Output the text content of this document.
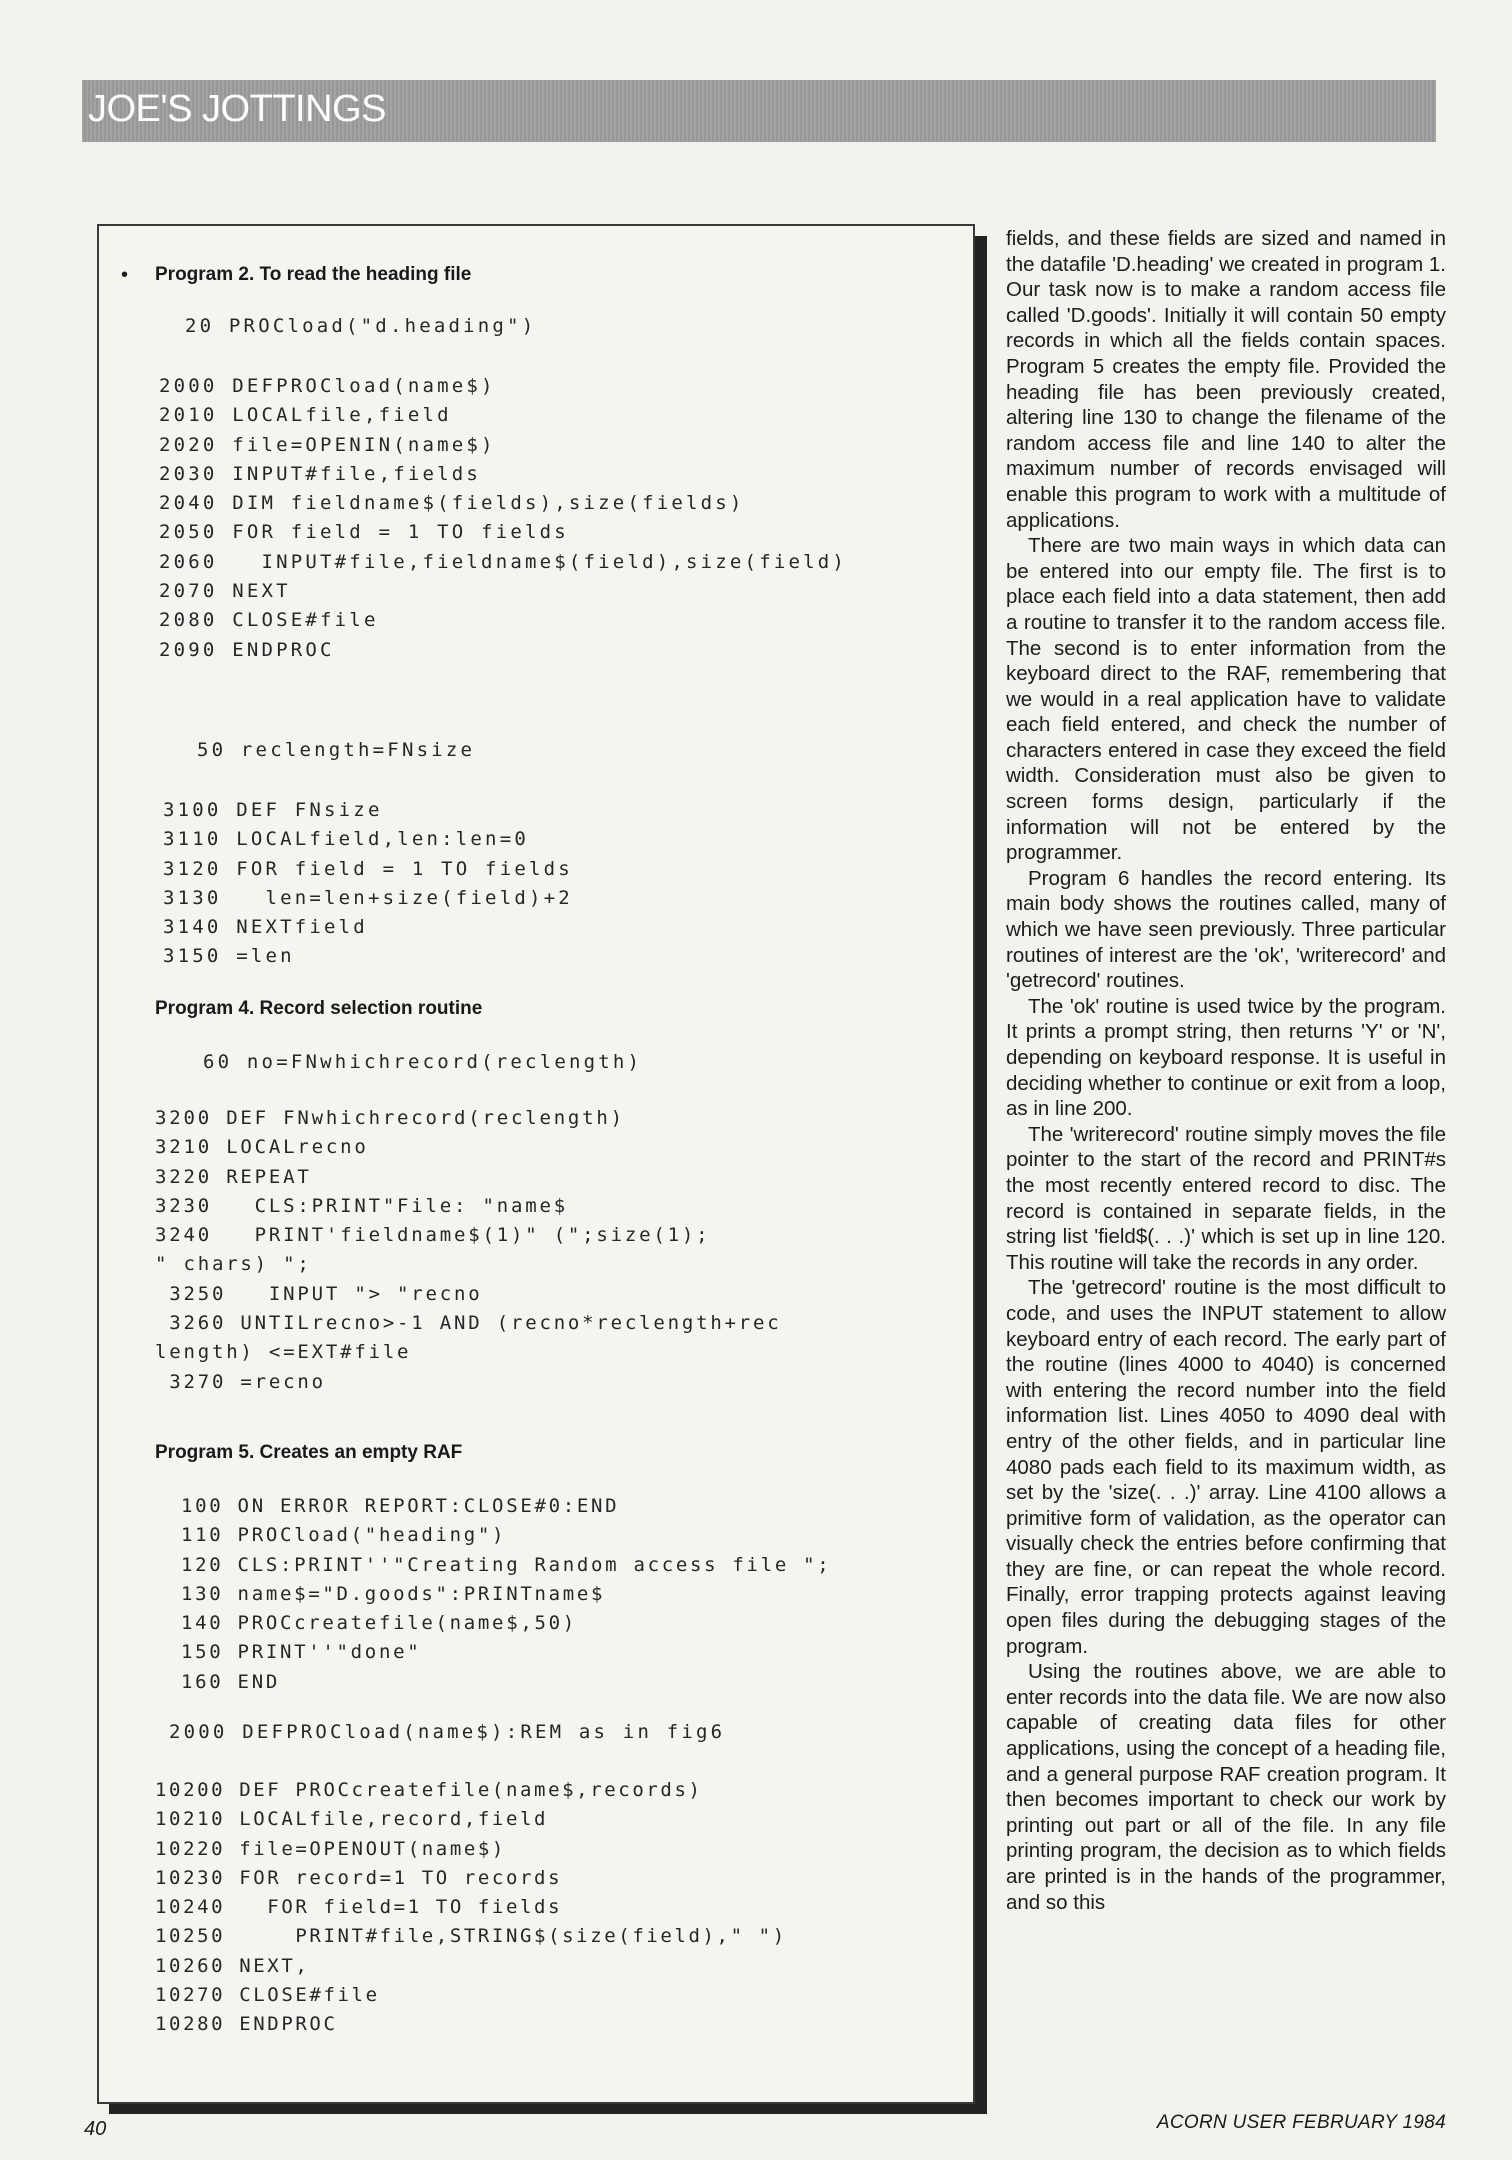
JOE'S JOTTINGS
• Program 2. To read the heading file
20 PROCload("d.heading")
2000 DEFPROCload(name$)
2010 LOCALfile,field
2020 file=OPENIN(name$)
2030 INPUT#file,fields
2040 DIM fieldname$(fields),size(fields)
2050 FOR field = 1 TO fields
2060   INPUT#file,fieldname$(field),size(field)
2070 NEXT
2080 CLOSE#file
2090 ENDPROC
50 reclength=FNsize
3100 DEF FNsize
3110 LOCALfield,len:len=0
3120 FOR field = 1 TO fields
3130   len=len+size(field)+2
3140 NEXTfield
3150 =len
Program 4. Record selection routine
60 no=FNwhichrecord(reclength)
3200 DEF FNwhichrecord(reclength)
3210 LOCALrecno
3220 REPEAT
3230   CLS:PRINT"File: "name$
3240   PRINT'fieldname$(1)" (";size(1);
" chars) ";
3250   INPUT "> "recno
3260 UNTILrecno>-1 AND (recno*reclength+rec
length) <=EXT#file
3270 =recno
Program 5. Creates an empty RAF
100 ON ERROR REPORT:CLOSE#0:END
110 PROCload("heading")
120 CLS:PRINT''"Creating Random access file ";
130 name$="D.goods":PRINTname$
140 PROCcreatefile(name$,50)
150 PRINT''"done"
160 END
2000 DEFPROCload(name$):REM as in fig6
10200 DEF PROCcreatefile(name$,records)
10210 LOCALfile,record,field
10220 file=OPENOUT(name$)
10230 FOR record=1 TO records
10240   FOR field=1 TO fields
10250     PRINT#file,STRING$(size(field)," ")
10260 NEXT,
10270 CLOSE#file
10280 ENDPROC

fields, and these fields are sized and named in the datafile 'D.heading' we created in program 1. Our task now is to make a random access file called 'D.goods'. Initially it will contain 50 empty records in which all the fields contain spaces. Program 5 creates the empty file. Provided the heading file has been previously created, altering line 130 to change the filename of the random access file and line 140 to alter the maximum number of records envisaged will enable this program to work with a multitude of applications.

There are two main ways in which data can be entered into our empty file. The first is to place each field into a data statement, then add a routine to transfer it to the random access file. The second is to enter information from the keyboard direct to the RAF, remembering that we would in a real application have to validate each field entered, and check the number of characters entered in case they exceed the field width. Consideration must also be given to screen forms design, particularly if the information will not be entered by the programmer.

Program 6 handles the record entering. Its main body shows the routines called, many of which we have seen previously. Three particular routines of interest are the 'ok', 'writerecord' and 'getrecord' routines.

The 'ok' routine is used twice by the program. It prints a prompt string, then returns 'Y' or 'N', depending on keyboard response. It is useful in deciding whether to continue or exit from a loop, as in line 200.

The 'writerecord' routine simply moves the file pointer to the start of the record and PRINT#s the most recently entered record to disc. The record is contained in separate fields, in the string list 'field$(. . .)' which is set up in line 120. This routine will take the records in any order.

The 'getrecord' routine is the most difficult to code, and uses the INPUT statement to allow keyboard entry of each record. The early part of the routine (lines 4000 to 4040) is concerned with entering the record number into the field information list. Lines 4050 to 4090 deal with entry of the other fields, and in particular line 4080 pads each field to its maximum width, as set by the 'size(. . .)' array. Line 4100 allows a primitive form of validation, as the operator can visually check the entries before confirming that they are fine, or can repeat the whole record. Finally, error trapping protects against leaving open files during the debugging stages of the program.

Using the routines above, we are able to enter records into the data file. We are now also capable of creating data files for other applications, using the concept of a heading file, and a general purpose RAF creation program. It then becomes important to check our work by printing out part or all of the file. In any file printing program, the decision as to which fields are printed is in the hands of the programmer, and so this

40	ACORN USER FEBRUARY 1984
